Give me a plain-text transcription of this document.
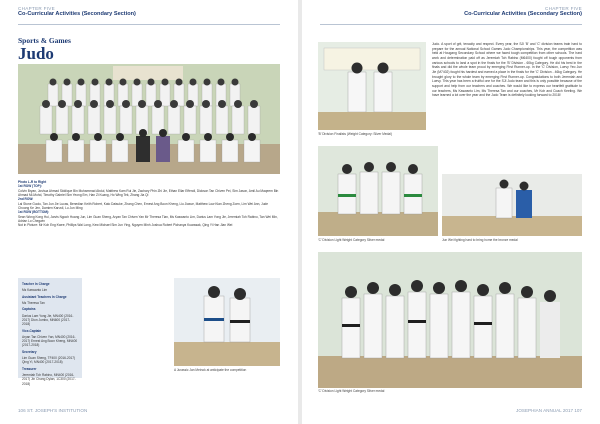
CHAPTER FIVE
Co-Curricular Activities (Secondary Section)
Sports & Games
Judo
Photo L-R to Right
1st ROW (TOP):
Colvin Bryan, Joshua Ahmad Siddique Bin Muhammad Abdul, Matthew Kam Rui Jie, Zachary Phin Zhi Jie, Ethan Ellar Effendi, Dickson Tan Chiven Pei, Sim Jason, Amil Au Maqeem Bin Ahmad Mi-Mohd, Timothy Gabriel Sim Yeong Ern, Han Zi Kuang, Ho Wing Tek, Zhang Jia Qi
2nd ROW:
Lai Stone Guolu, Tan Jun Jie Lucas, Benedian Keith Robert, Kato Daisuke, Zhang Chen, Ernest Ang Boon Kheng, Liu Jiaxue, Matthew Low Kian Zheng Zoen, Lim Wei Ann, Jude Choong Ke Jen, Damien Karuvil, Lu Jun Ming
1st ROW (BOTTOM):
Sean Wong Kong Hui, Jarvis Ngooh Huang Jun, Lim Guan Sheng, Aryan Tan Chiven Yan Mr Theresa Tian, Ms Kaswanto Lim, Darius Lam Yong Jie, Jeremiah Toh Rabino, Tan Wei Min, Adrian Lo Chegwin
Not in Picture: Mr Koh Eng Kwee, Phillips Wai Long, Kew Michael Sim Jun Ying, Nguyen Minh Joshua Robert Pichanya Kuarasak, Qing Yi Han Jian Wei
Teacher In Charge
Ms Kaswanto Lim
Assistant Teachers In Charge
Ms Theresa Tan
Captains
Darius Lam Yong Jie, MN400 (2016-2017) Dion Jumbo, MN600 (2017-2018)
Vice-Captain
Aryan Tan Chiven Yan, MN400 (2016-2017) Ernest Ang Boon Kheng, MN400 (2017-2018)
Secretary
Lim Guan Sheng, TF400 (2016-2017) Qing Yi, MN400 (2017-2018)
Treasurer
Jeremiah Toh Rabino, MN400 (2016-2017) Jin Chang Dylan, 1C300 (2017-2018)
A Jurassic Jan Meinok at anticipate the competition
106 ST. JOSEPH'S INSTITUTION
CHAPTER FIVE
Co-Curricular Activities (Secondary Section)
'B' Division Finalists (Weight Category: Silver Medal)
Judo. A sport of grit, tenacity and respect. Every year, the SJI 'B' and 'C' division teams train hard to prepare for the annual National School Games Judo Championships. This year, the competition was held at Hougang Secondary School where we faced tough competition from other schools. The hard work and determination paid off as Jeremiah Toh Rabino (M6400) fought off tough opponents from various schools to land a spot in the finals for the 'B' Division - 60kg Category. He did his best in the finals and did the whole team proud by emerging First Runner-up. In the 'C' Division, Luevy Yeo Jun Jie (M7402) fought his hardest and earned a place in the finals for the 'C' Division - 46kg Category. He brought glory to the whole team by emerging First Runner-up. Congratulations to both Jeremiah and Luevy. This year has been a fruitful one for the SJI Judo team and this is only possible because of the support and help from our teachers and coaches. We would like to express our heartfelt gratitude to our teachers, Ms Kaswanto Lim, Ms Theresa Tan and our coaches, Mr Koh and Coach Keeling. We have learned a lot over the year and the Judo Team is definitely looking forward to 2018!
'C' Division Light Weight Category Silver medal	Jun Wei fighting hard to bring home the bronze medal
'C' Division Light Weight Category Silver medal
JOSEPHIAN ANNUAL 2017 107
